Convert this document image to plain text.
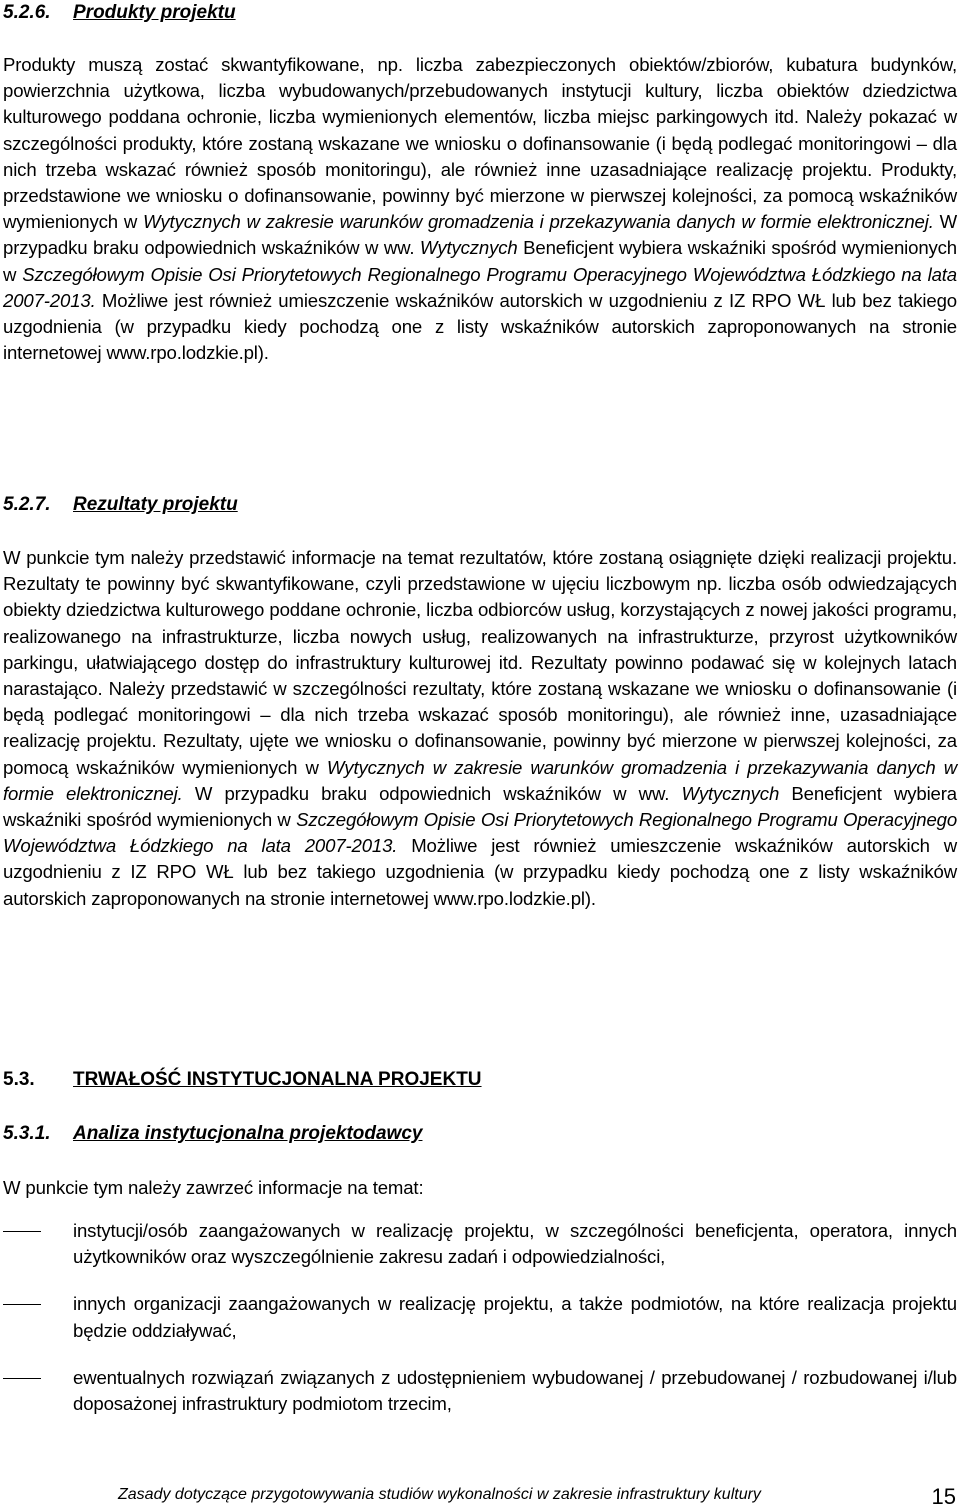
5.2.6. Produkty projektu

Produkty muszą zostać skwantyfikowane, np. liczba zabezpieczonych obiektów/zbiorów, kubatura budynków, powierzchnia użytkowa, liczba wybudowanych/przebudowanych instytucji kultury, liczba obiektów dziedzictwa kulturowego poddana ochronie, liczba wymienionych elementów, liczba miejsc parkingowych itd. Należy pokazać w szczególności produkty, które zostaną wskazane we wniosku o dofinansowanie (i będą podlegać monitoringowi – dla nich trzeba wskazać również sposób monitoringu), ale również inne uzasadniające realizację projektu. Produkty, przedstawione we wniosku o dofinansowanie, powinny być mierzone w pierwszej kolejności, za pomocą wskaźników wymienionych w Wytycznych w zakresie warunków gromadzenia i przekazywania danych w formie elektronicznej. W przypadku braku odpowiednich wskaźników w ww. Wytycznych Beneficjent wybiera wskaźniki spośród wymienionych w Szczegółowym Opisie Osi Priorytetowych Regionalnego Programu Operacyjnego Województwa Łódzkiego na lata 2007-2013. Możliwe jest również umieszczenie wskaźników autorskich w uzgodnieniu z IZ RPO WŁ lub bez takiego uzgodnienia (w przypadku kiedy pochodzą one z listy wskaźników autorskich zaproponowanych na stronie internetowej www.rpo.lodzkie.pl).

5.2.7. Rezultaty projektu

W punkcie tym należy przedstawić informacje na temat rezultatów, które zostaną osiągnięte dzięki realizacji projektu. Rezultaty te powinny być skwantyfikowane, czyli przedstawione w ujęciu liczbowym np. liczba osób odwiedzających obiekty dziedzictwa kulturowego poddane ochronie, liczba odbiorców usług, korzystających z nowej jakości programu, realizowanego na infrastrukturze, liczba nowych usług, realizowanych na infrastrukturze, przyrost użytkowników parkingu, ułatwiającego dostęp do infrastruktury kulturowej itd. Rezultaty powinno podawać się w kolejnych latach narastająco. Należy przedstawić w szczególności rezultaty, które zostaną wskazane we wniosku o dofinansowanie (i będą podlegać monitoringowi – dla nich trzeba wskazać sposób monitoringu), ale również inne, uzasadniające realizację projektu. Rezultaty, ujęte we wniosku o dofinansowanie, powinny być mierzone w pierwszej kolejności, za pomocą wskaźników wymienionych w Wytycznych w zakresie warunków gromadzenia i przekazywania danych w formie elektronicznej. W przypadku braku odpowiednich wskaźników w ww. Wytycznych Beneficjent wybiera wskaźniki spośród wymienionych w Szczegółowym Opisie Osi Priorytetowych Regionalnego Programu Operacyjnego Województwa Łódzkiego na lata 2007-2013. Możliwe jest również umieszczenie wskaźników autorskich w uzgodnieniu z IZ RPO WŁ lub bez takiego uzgodnienia (w przypadku kiedy pochodzą one z listy wskaźników autorskich zaproponowanych na stronie internetowej www.rpo.lodzkie.pl).

5.3. TRWAŁOŚĆ INSTYTUCJONALNA PROJEKTU
5.3.1. Analiza instytucjonalna projektodawcy

W punkcie tym należy zawrzeć informacje na temat:

instytucji/osób zaangażowanych w realizację projektu, w szczególności beneficjenta, operatora, innych użytkowników oraz wyszczególnienie zakresu zadań i odpowiedzialności,
innych organizacji zaangażowanych w realizację projektu, a także podmiotów, na które realizacja projektu będzie oddziaływać,
ewentualnych rozwiązań związanych z udostępnieniem wybudowanej / przebudowanej / rozbudowanej i/lub doposażonej infrastruktury podmiotom trzecim,
Zasady dotyczące przygotowywania studiów wykonalności w zakresie infrastruktury kultury	15
